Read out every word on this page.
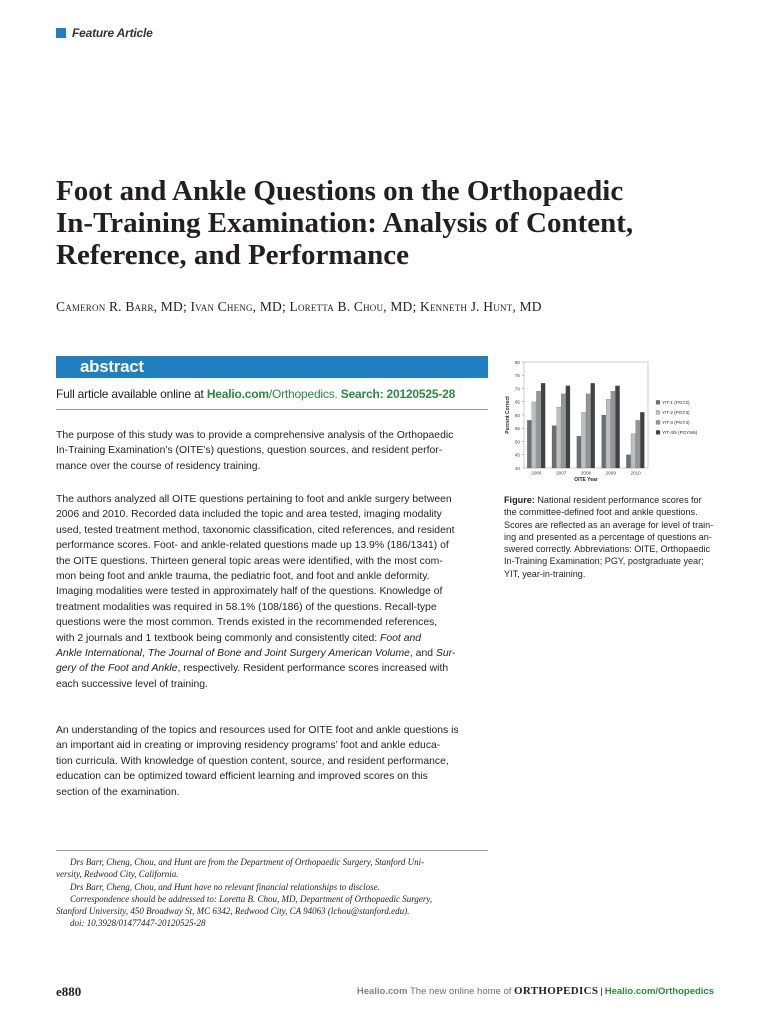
Feature Article
Foot and Ankle Questions on the Orthopaedic
In-Training Examination: Analysis of Content,
Reference, and Performance
Cameron R. Barr, MD; Ivan Cheng, MD; Loretta B. Chou, MD; Kenneth J. Hunt, MD
abstract
Full article available online at Healio.com/Orthopedics. Search: 20120525-28
The purpose of this study was to provide a comprehensive analysis of the Orthopaedic
In-Training Examination’s (OITE’s) questions, question sources, and resident perfor-
mance over the course of residency training.
The authors analyzed all OITE questions pertaining to foot and ankle surgery between
2006 and 2010. Recorded data included the topic and area tested, imaging modality
used, tested treatment method, taxonomic classification, cited references, and resident
performance scores. Foot- and ankle-related questions made up 13.9% (186/1341) of
the OITE questions. Thirteen general topic areas were identified, with the most com-
mon being foot and ankle trauma, the pediatric foot, and foot and ankle deformity.
Imaging modalities were tested in approximately half of the questions. Knowledge of
treatment modalities was required in 58.1% (108/186) of the questions. Recall-type
questions were the most common. Trends existed in the recommended references,
with 2 journals and 1 textbook being commonly and consistently cited: Foot and
Ankle International, The Journal of Bone and Joint Surgery American Volume, and Sur-
gery of the Foot and Ankle, respectively. Resident performance scores increased with
each successive level of training.
An understanding of the topics and resources used for OITE foot and ankle questions is
an important aid in creating or improving residency programs’ foot and ankle educa-
tion curricula. With knowledge of question content, source, and resident performance,
education can be optimized toward efficient learning and improved scores on this
section of the examination.
40
45
50
55
60
65
70
75
80
2006	2007	2008	2009	2010
OITE Year
Percent Correct	YIT-1 (PGY2)
YIT-2 (PGY3)
YIT-3 (PGY4)
YIT-4/5 (PGY5/6)
Figure: National resident performance scores for
the committee-defined foot and ankle questions.
Scores are reflected as an average for level of train-
ing and presented as a percentage of questions an-
swered correctly. Abbreviations: OITE, Orthopaedic
In-Training Examination; PGY, postgraduate year;
YIT, year-in-training.
Drs Barr, Cheng, Chou, and Hunt are from the Department of Orthopaedic Surgery, Stanford Uni-
versity, Redwood City, California.
Drs Barr, Cheng, Chou, and Hunt have no relevant financial relationships to disclose.
Correspondence should be addressed to: Loretta B. Chou, MD, Department of Orthopaedic Surgery,
Stanford University, 450 Broadway St, MC 6342, Redwood City, CA 94063 (lchou@stanford.edu).
doi: 10.3928/01477447-20120525-28
e880	Healio.com The new online home of ORTHOPEDICS | Healio.com/Orthopedics
